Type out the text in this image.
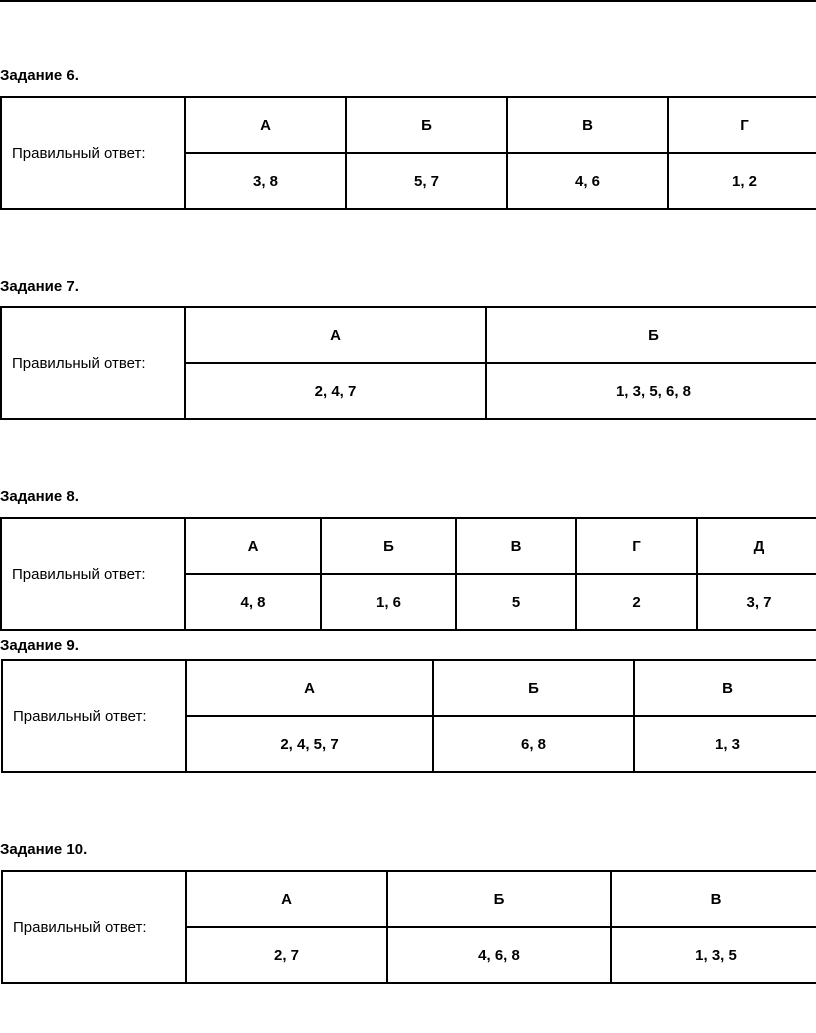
Задание 6.
Правильный ответ:	А	Б	В	Г
	3, 8	5, 7	4, 6	1, 2
Задание 7.
Правильный ответ:	А	Б
	2, 4, 7	1, 3, 5, 6, 8
Задание 8.
Правильный ответ:	А	Б	В	Г	Д
	4, 8	1, 6	5	2	3, 7
Задание 9.
Правильный ответ:	А	Б	В
	2, 4, 5, 7	6, 8	1, 3
Задание 10.
Правильный ответ:	А	Б	В
	2, 7	4, 6, 8	1, 3, 5
